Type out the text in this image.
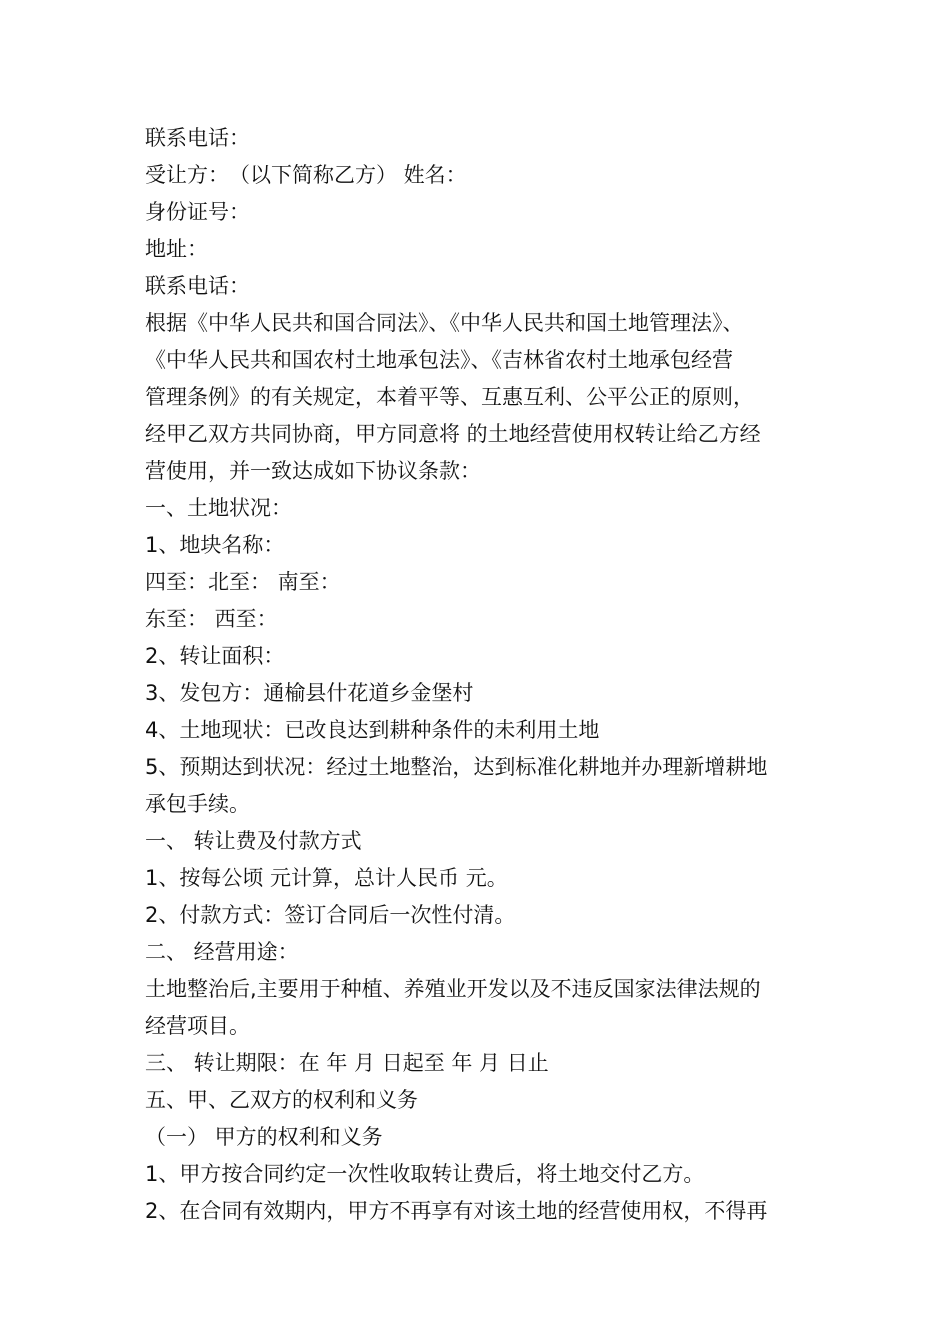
联系电话：
受让方：　（以下简称乙方） 姓名：
身份证号：
地址：
联系电话：
根据《中华人民共和国合同法》、《中华人民共和国土地管理法》、
《中华人民共和国农村土地承包法》、《吉林省农村土地承包经营
管理条例》的有关规定，本着平等、互惠互利、公平公正的原则，
经甲乙双方共同协商，甲方同意将 的土地经营使用权转让给乙方经
营使用，并一致达成如下协议条款：
一、土地状况：
1、地块名称：
四至：北至： 南至：
东至： 西至：
2、转让面积：
3、发包方：通榆县什花道乡金堡村
4、土地现状：已改良达到耕种条件的未利用土地
5、预期达到状况：经过土地整治，达到标准化耕地并办理新增耕地
承包手续。
一、 转让费及付款方式
1、按每公顷 元计算，总计人民币 元。
2、付款方式：签订合同后一次性付清。
二、 经营用途：
土地整治后,主要用于种植、养殖业开发以及不违反国家法律法规的
经营项目。
三、 转让期限：在 年 月 日起至 年 月 日止
五、甲、乙双方的权利和义务
（一） 甲方的权利和义务
1、甲方按合同约定一次性收取转让费后，将土地交付乙方。
2、在合同有效期内，甲方不再享有对该土地的经营使用权，不得再
